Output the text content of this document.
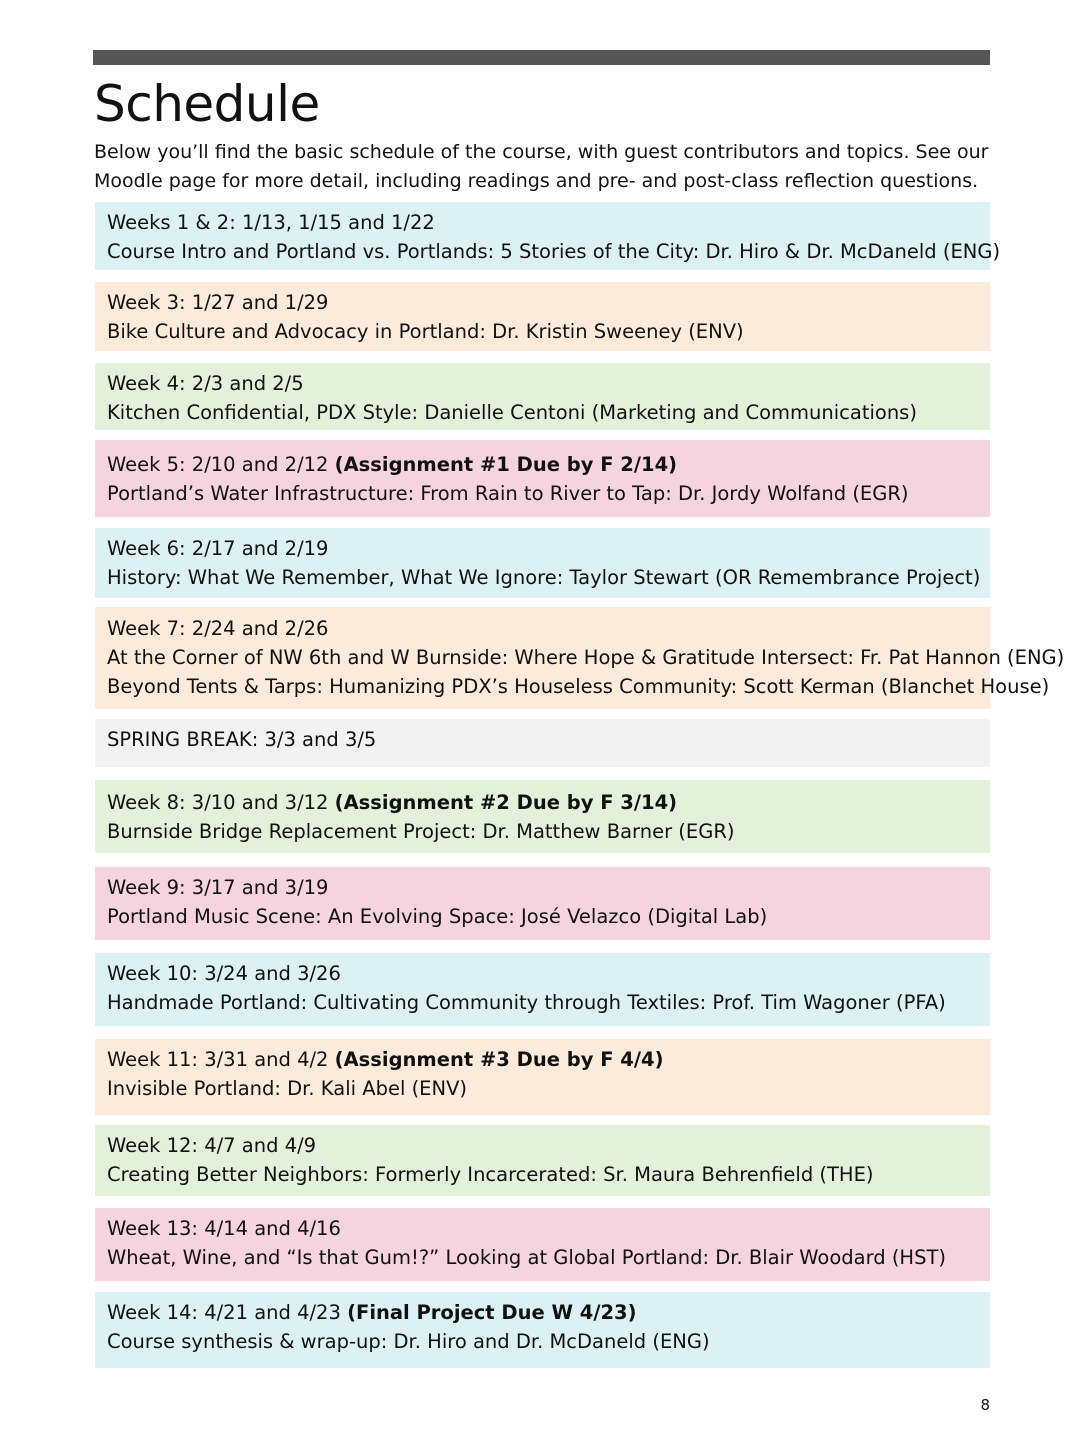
Schedule

Below you’ll find the basic schedule of the course, with guest contributors and topics. See our

Moodle page for more detail, including readings and pre- and post-class reflection questions.

Weeks 1 & 2: 1/13, 1/15 and 1/22
Course Intro and Portland vs. Portlands: 5 Stories of the City: Dr. Hiro & Dr. McDaneld (ENG)
Week 3: 1/27 and 1/29
Bike Culture and Advocacy in Portland: Dr. Kristin Sweeney (ENV)
Week 4: 2/3 and 2/5
Kitchen Confidential, PDX Style: Danielle Centoni (Marketing and Communications)
Week 5: 2/10 and 2/12 (Assignment #1 Due by F 2/14)
Portland’s Water Infrastructure: From Rain to River to Tap: Dr. Jordy Wolfand (EGR)
Week 6: 2/17 and 2/19
History: What We Remember, What We Ignore: Taylor Stewart (OR Remembrance Project)
Week 7: 2/24 and 2/26
At the Corner of NW 6th and W Burnside: Where Hope & Gratitude Intersect: Fr. Pat Hannon (ENG)
Beyond Tents & Tarps: Humanizing PDX’s Houseless Community: Scott Kerman (Blanchet House)
SPRING BREAK: 3/3 and 3/5
Week 8: 3/10 and 3/12 (Assignment #2 Due by F 3/14)
Burnside Bridge Replacement Project: Dr. Matthew Barner (EGR)
Week 9: 3/17 and 3/19
Portland Music Scene: An Evolving Space: José Velazco (Digital Lab)
Week 10: 3/24 and 3/26
Handmade Portland: Cultivating Community through Textiles: Prof. Tim Wagoner (PFA)
Week 11: 3/31 and 4/2 (Assignment #3 Due by F 4/4)
Invisible Portland: Dr. Kali Abel (ENV)
Week 12: 4/7 and 4/9
Creating Better Neighbors: Formerly Incarcerated: Sr. Maura Behrenfield (THE)
Week 13: 4/14 and 4/16
Wheat, Wine, and “Is that Gum!?” Looking at Global Portland: Dr. Blair Woodard (HST)
Week 14: 4/21 and 4/23 (Final Project Due W 4/23)
Course synthesis & wrap-up: Dr. Hiro and Dr. McDaneld (ENG)
8
